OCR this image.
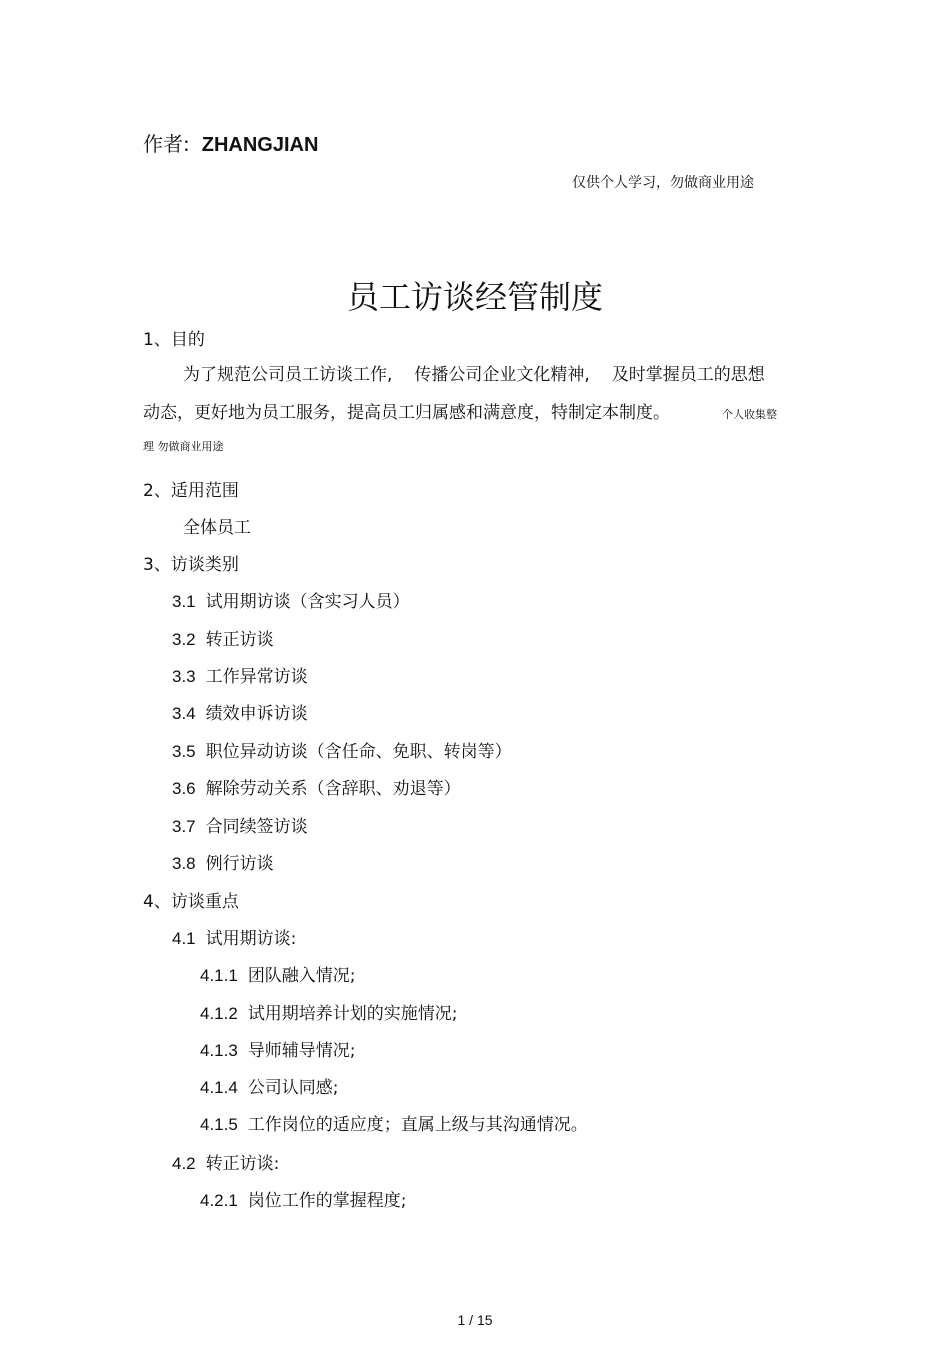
作者: ZHANGJIAN
仅供个人学习，勿做商业用途
员工访谈经管制度
1、目的
为了规范公司员工访谈工作, 传播公司企业文化精神, 及时掌握员工的思想
动态，更好地为员工服务，提高员工归属感和满意度，特制定本制度。	个人收集整
理 勿做商业用途
2、适用范围
全体员工
3、访谈类别
3.1 试用期访谈（含实习人员）
3.2 转正访谈
3.3 工作异常访谈
3.4 绩效申诉访谈
3.5 职位异动访谈（含任命、免职、转岗等）
3.6 解除劳动关系（含辞职、劝退等）
3.7 合同续签访谈
3.8 例行访谈
4、访谈重点
4.1 试用期访谈:
4.1.1 团队融入情况;
4.1.2 试用期培养计划的实施情况;
4.1.3 导师辅导情况;
4.1.4 公司认同感;
4.1.5 工作岗位的适应度；直属上级与其沟通情况。
4.2 转正访谈:
4.2.1 岗位工作的掌握程度;
1 / 15
